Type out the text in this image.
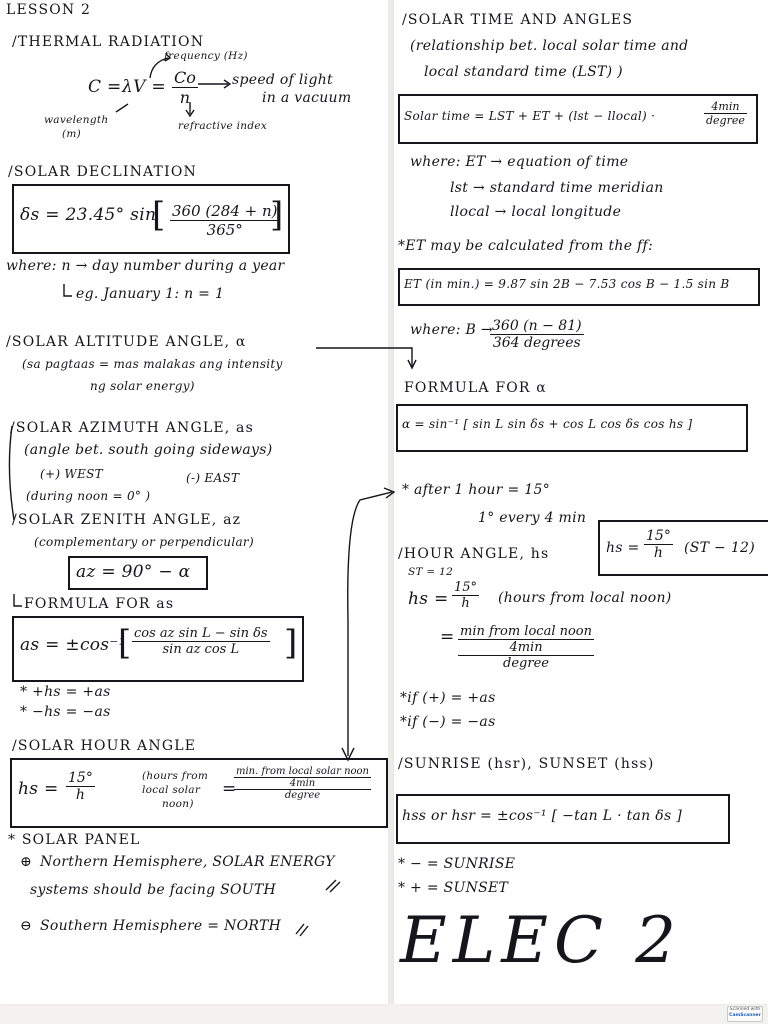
LESSON 2
/THERMAL RADIATION
frequency (Hz)
$C = \lambda V = \frac{Co}{n}$ speed of light
in a vacuum
wavelength
(m)
refractive index
/SOLAR DECLINATION
δs = 23.45° sin
[ $\frac{360 (284 + n)}{365^\circ}$
]
where: n → day number during a year
eg. January 1: n = 1
/SOLAR ALTITUDE ANGLE, α
(sa pagtaas = mas malakas ang intensity
ng solar energy)
/SOLAR AZIMUTH ANGLE, as
(angle bet. south going sideways)
(+) WEST	(-) EAST
(during noon = 0° )
/SOLAR ZENITH ANGLE, az
(complementary or perpendicular)
az = 90° − α
FORMULA FOR as
as = ±cos⁻¹
[ $\frac{\text{cos az sin L − sin δs}}{\text{sin az cos L}}$ ]
* +hs = +as
* −hs = −as
/SOLAR HOUR ANGLE
hs = $\frac{15^\circ}{h}$	(hours from
local solar
noon)
=
min. from local solar noon
4min
degree
* SOLAR PANEL
⊕ Northern Hemisphere, SOLAR ENERGY
systems should be facing SOUTH
⊖ Southern Hemisphere = NORTH
/SOLAR TIME AND ANGLES
(relationship bet. local solar time and
local standard time (LST) )
Solar time = LST + ET + (lst − llocal) ·
4min
degree
where: ET → equation of time
lst → standard time meridian
llocal → local longitude
*ET may be calculated from the ff:
ET (in min.) = 9.87 sin 2B − 7.53 cos B − 1.5 sin B
where: B → 360 (n − 81)
364 degrees
FORMULA FOR α
α = sin⁻¹ [ sin L sin δs + cos L cos δs cos hs ]
* after 1 hour = 15°
1° every 4 min
hs = $\frac{15^\circ}{h} (ST - 12)$
/HOUR ANGLE, hs
ST = 12
hs = $\frac{15^\circ}{h}$ (hours from local noon)
= min from local noon
4min
degree
*if (+) = +as
*if (−) = −as
/SUNRISE (hsr), SUNSET (hss)
hss or hsr = ±cos⁻¹ [ −tan L · tan δs ]
* − = SUNRISE
* + = SUNSET
ELEC 2
Scanned with
CamScanner
